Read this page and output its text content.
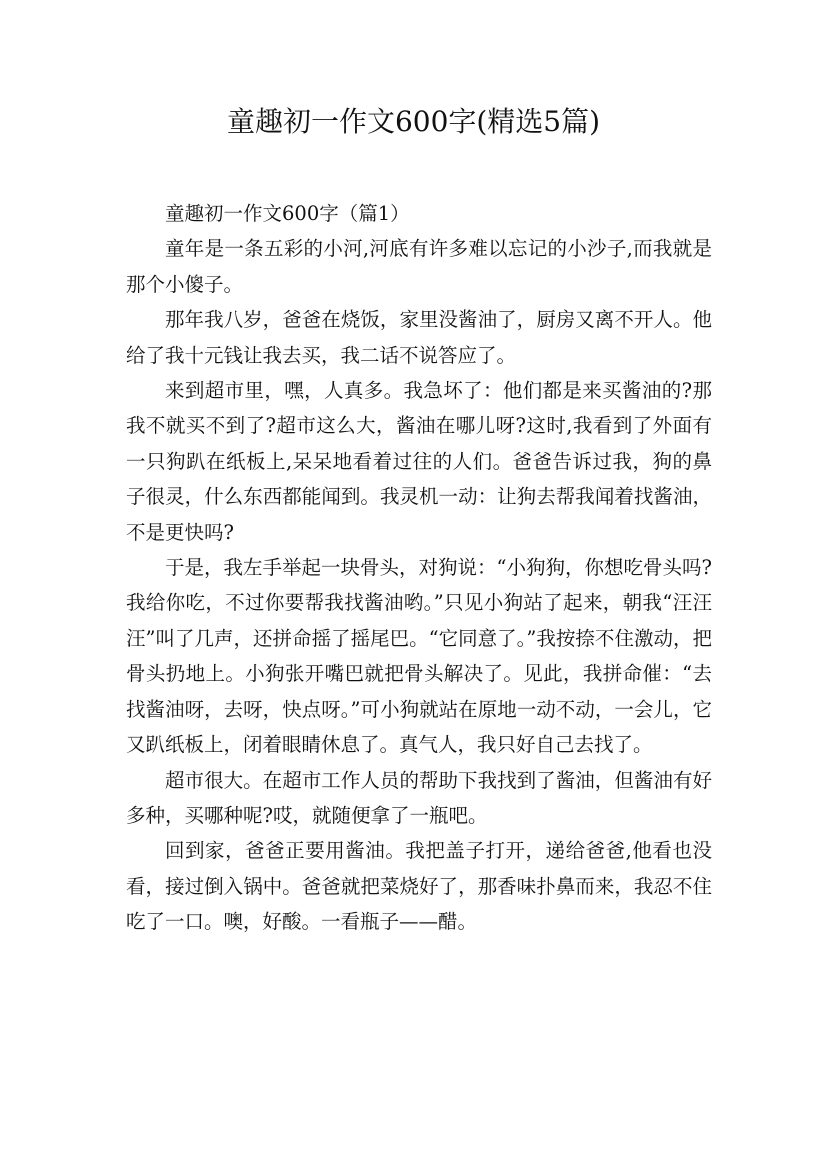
童趣初一作文600字(精选5篇)
童趣初一作文600字（篇1）

童年是一条五彩的小河,河底有许多难以忘记的小沙子,而我就是那个小傻子。

那年我八岁，爸爸在烧饭，家里没酱油了，厨房又离不开人。他给了我十元钱让我去买，我二话不说答应了。

来到超市里，嘿，人真多。我急坏了：他们都是来买酱油的?那我不就买不到了?超市这么大，酱油在哪儿呀?这时,我看到了外面有一只狗趴在纸板上,呆呆地看着过往的人们。爸爸告诉过我，狗的鼻子很灵，什么东西都能闻到。我灵机一动：让狗去帮我闻着找酱油，不是更快吗?

于是，我左手举起一块骨头，对狗说：“小狗狗，你想吃骨头吗?我给你吃，不过你要帮我找酱油哟。”只见小狗站了起来，朝我“汪汪汪”叫了几声，还拼命摇了摇尾巴。“它同意了。”我按捺不住激动，把骨头扔地上。小狗张开嘴巴就把骨头解决了。见此，我拼命催：“去找酱油呀，去呀，快点呀。”可小狗就站在原地一动不动，一会儿，它又趴纸板上，闭着眼睛休息了。真气人，我只好自己去找了。

超市很大。在超市工作人员的帮助下我找到了酱油，但酱油有好多种，买哪种呢?哎，就随便拿了一瓶吧。

回到家，爸爸正要用酱油。我把盖子打开，递给爸爸,他看也没看，接过倒入锅中。爸爸就把菜烧好了，那香味扑鼻而来，我忍不住吃了一口。噢，好酸。一看瓶子——醋。
